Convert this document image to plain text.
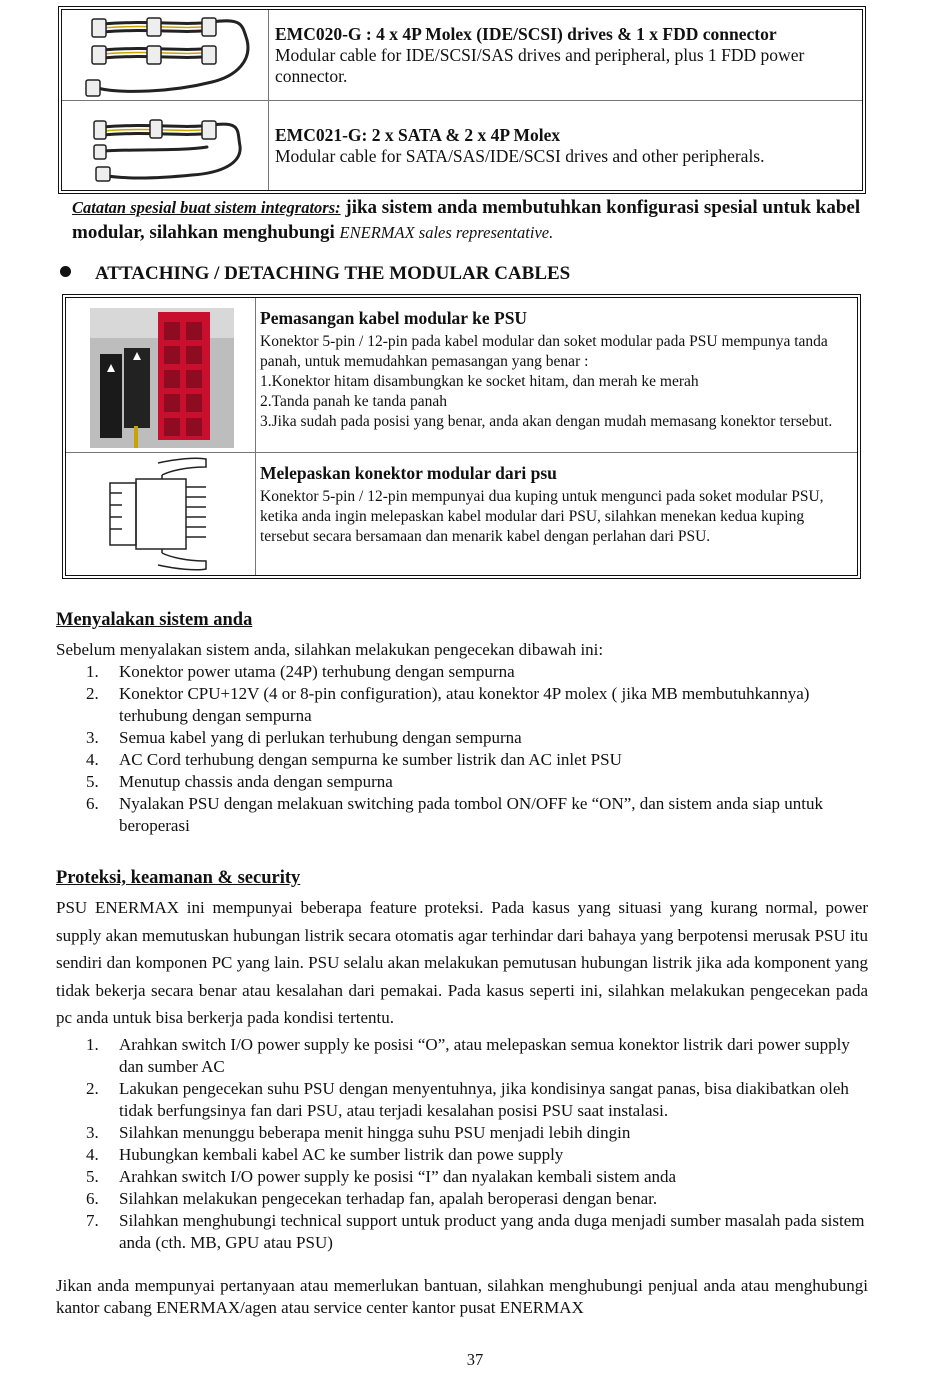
EMC020-G : 4 x 4P Molex (IDE/SCSI) drives & 1 x FDD connector
Modular cable for IDE/SCSI/SAS drives and peripheral, plus 1 FDD power connector.
EMC021-G: 2 x SATA & 2 x 4P Molex
Modular cable for SATA/SAS/IDE/SCSI drives and other peripherals.
Catatan spesial buat sistem integrators: jika sistem anda membutuhkan konfigurasi spesial untuk kabel modular, silahkan menghubungi ENERMAX sales representative.
ATTACHING / DETACHING THE MODULAR CABLES
Pemasangan kabel modular ke PSU
Konektor 5-pin / 12-pin pada kabel modular dan soket modular pada PSU mempunya tanda panah, untuk memudahkan pemasangan yang benar :
1.Konektor hitam disambungkan ke socket hitam, dan merah ke merah
2.Tanda panah ke tanda panah
3.Jika sudah pada posisi yang benar, anda akan dengan mudah memasang konektor tersebut.
Melepaskan konektor modular dari psu
Konektor 5-pin / 12-pin mempunyai dua kuping untuk mengunci pada soket modular PSU, ketika anda ingin melepaskan kabel modular dari PSU, silahkan menekan kedua kuping tersebut secara bersamaan dan menarik kabel dengan perlahan dari PSU.
Menyalakan sistem anda
Sebelum menyalakan sistem anda, silahkan melakukan pengecekan dibawah ini:
1. Konektor power utama (24P) terhubung dengan sempurna
2. Konektor CPU+12V (4 or 8-pin configuration), atau konektor 4P molex ( jika MB membutuhkannya) terhubung dengan sempurna
3. Semua kabel yang di perlukan terhubung dengan sempurna
4. AC Cord terhubung dengan sempurna ke sumber listrik dan AC inlet PSU
5. Menutup chassis anda dengan sempurna
6. Nyalakan PSU dengan melakuan switching pada tombol ON/OFF ke “ON”, dan sistem anda siap untuk beroperasi
Proteksi, keamanan & security
PSU ENERMAX ini mempunyai beberapa feature proteksi. Pada kasus yang situasi yang kurang normal, power supply akan memutuskan hubungan listrik secara otomatis agar terhindar dari bahaya yang berpotensi merusak PSU itu sendiri dan komponen PC yang lain. PSU selalu akan melakukan pemutusan hubungan listrik jika ada komponent yang tidak bekerja secara benar atau kesalahan dari pemakai. Pada kasus seperti ini, silahkan melakukan pengecekan pada pc anda untuk bisa berkerja pada kondisi tertentu.
1. Arahkan switch I/O power supply ke posisi “O”, atau melepaskan semua konektor listrik dari power supply dan sumber AC
2. Lakukan pengecekan suhu PSU dengan menyentuhnya, jika kondisinya sangat panas, bisa diakibatkan oleh tidak berfungsinya fan dari PSU, atau terjadi kesalahan posisi PSU saat instalasi.
3. Silahkan menunggu beberapa menit hingga suhu PSU menjadi lebih dingin
4. Hubungkan kembali kabel AC ke sumber listrik dan powe supply
5. Arahkan switch I/O power supply ke posisi “I” dan nyalakan kembali sistem anda
6. Silahkan melakukan pengecekan terhadap fan, apalah beroperasi dengan benar.
7. Silahkan menghubungi technical support untuk product yang anda duga menjadi sumber masalah pada sistem anda (cth. MB, GPU atau PSU)
Jikan anda mempunyai pertanyaan atau memerlukan bantuan, silahkan menghubungi penjual anda atau menghubungi kantor cabang ENERMAX/agen atau service center kantor pusat ENERMAX
37
